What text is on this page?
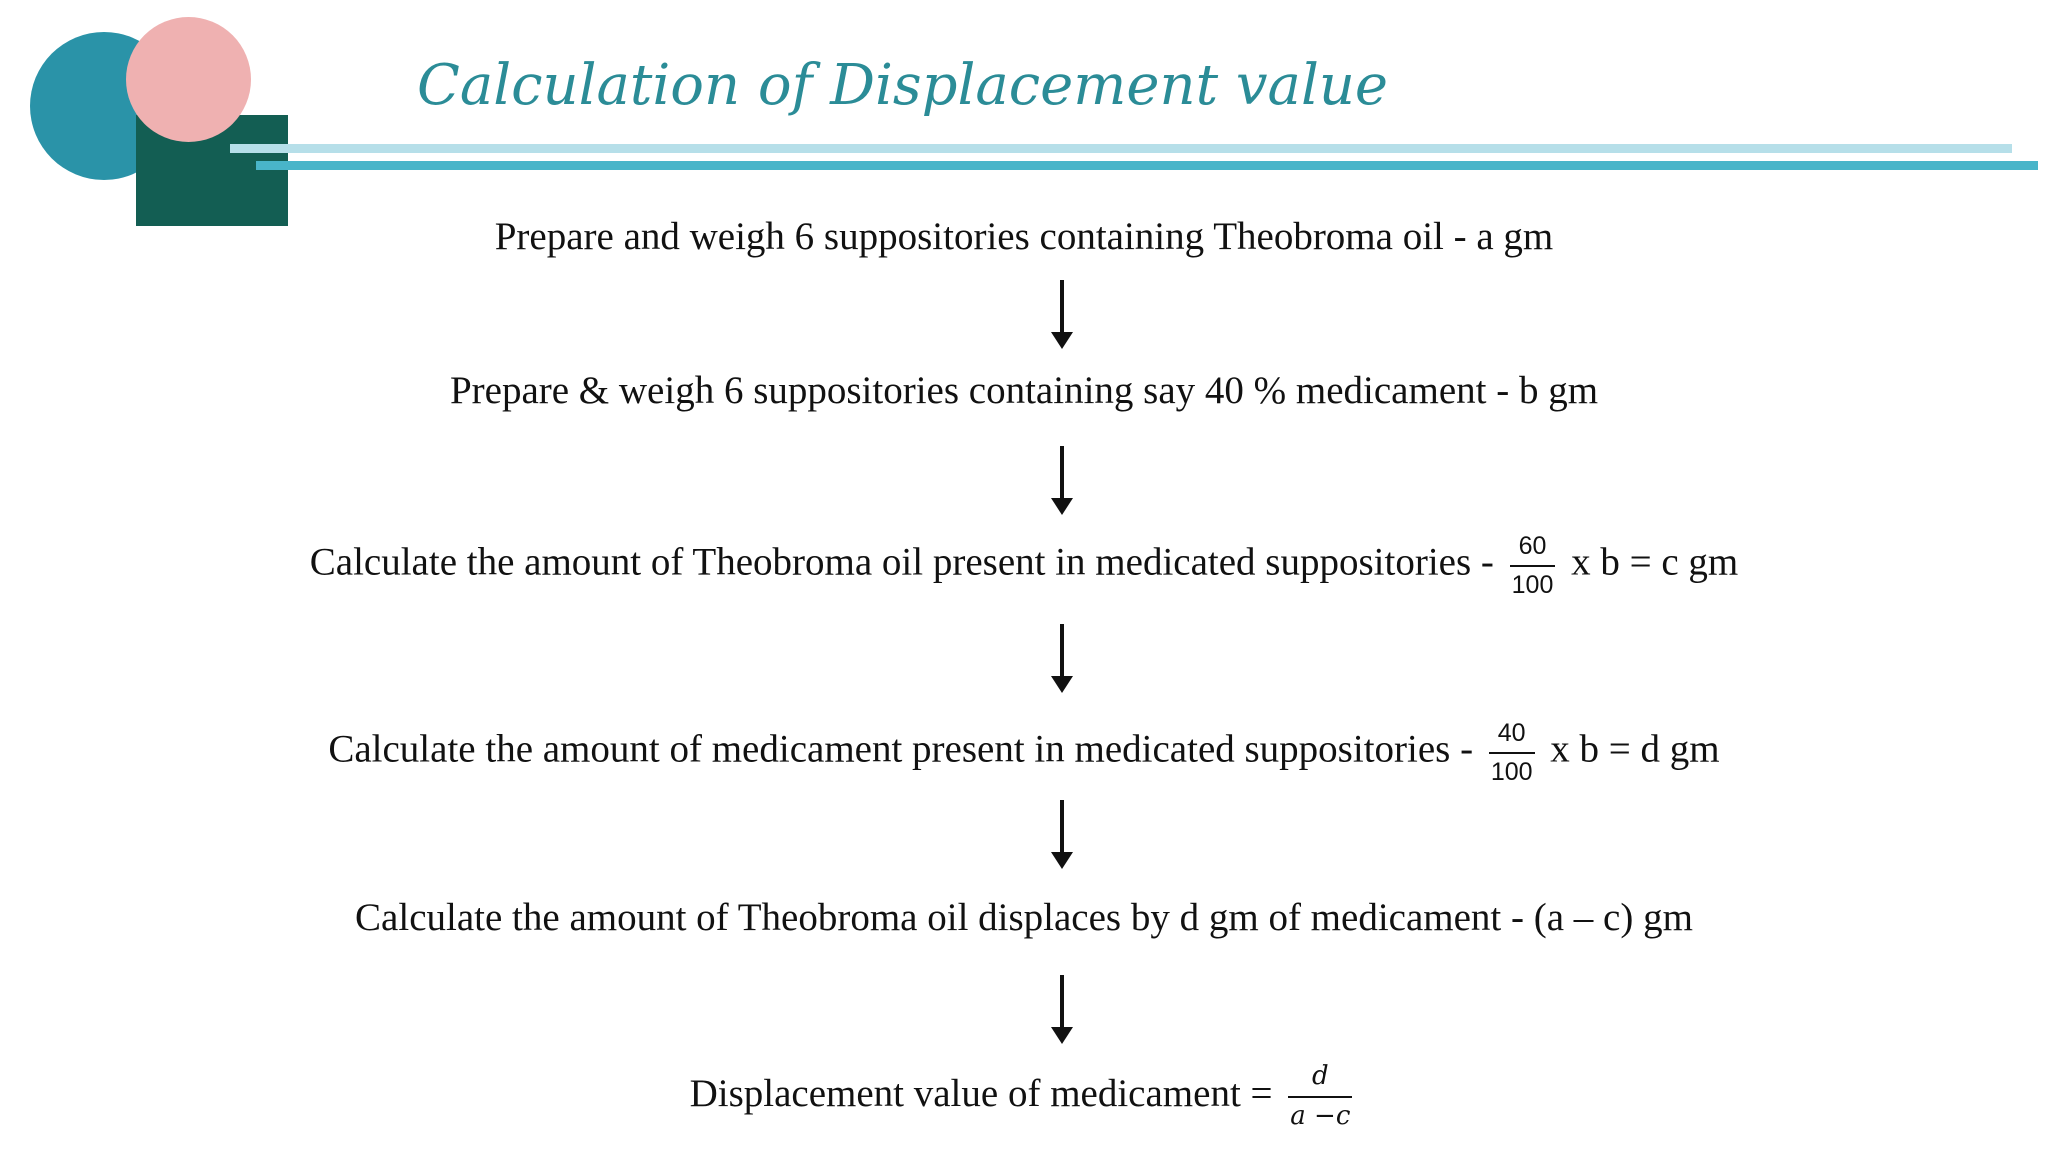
Calculation of Displacement value
Prepare and weigh 6 suppositories containing Theobroma oil - a gm
Prepare & weigh 6 suppositories containing say 40 % medicament - b gm
Calculate the amount of Theobroma oil present in medicated suppositories - $\frac{60}{100}$ x b = c gm
Calculate the amount of medicament present in medicated suppositories - $\frac{40}{100}$ x b = d gm
Calculate the amount of Theobroma oil displaces by d gm of medicament - (a – c) gm
Displacement value of medicament = $\frac{d}{a -c}$
